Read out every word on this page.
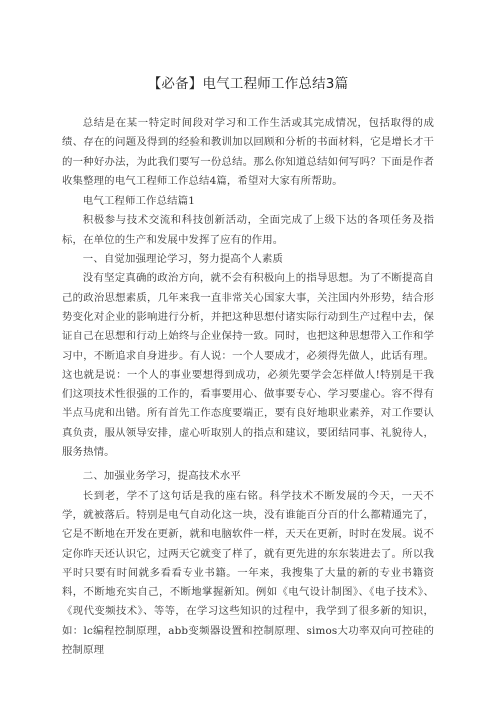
【必备】电气工程师工作总结3篇

总结是在某一特定时间段对学习和工作生活或其完成情况，包括取得的成绩、存在的问题及得到的经验和教训加以回顾和分析的书面材料，它是增长才干的一种好办法，为此我们要写一份总结。那么你知道总结如何写吗？下面是作者收集整理的电气工程师工作总结4篇，希望对大家有所帮助。

电气工程师工作总结篇1

积极参与技术交流和科技创新活动，全面完成了上级下达的各项任务及指标，在单位的生产和发展中发挥了应有的作用。

一、自觉加强理论学习，努力提高个人素质

没有坚定真确的政治方向，就不会有积极向上的指导思想。为了不断提高自己的政治思想素质，几年来我一直非常关心国家大事，关注国内外形势，结合形势变化对企业的影响进行分析，并把这种思想付诸实际行动到生产过程中去，保证自己在思想和行动上始终与企业保持一致。同时，也把这种思想带入工作和学习中，不断追求自身进步。有人说：一个人要成才，必须得先做人，此话有理。这也就是说：一个人的事业要想得到成功，必须先要学会怎样做人!特别是干我们这项技术性很强的工作的，看事要用心、做事要专心、学习要虚心。容不得有半点马虎和出错。所有首先工作态度要端正，要有良好地职业素养，对工作要认真负责，服从领导安排，虚心听取别人的指点和建议，要团结同事、礼貌待人，服务热情。

二、加强业务学习，提高技术水平

长到老，学不了这句话是我的座右铭。科学技术不断发展的今天，一天不学，就被落后。特别是电气自动化这一块，没有谁能百分百的什么都精通完了，它是不断地在开发在更新，就和电脑软件一样，天天在更新，时时在发展。说不定你昨天还认识它，过两天它就变了样了，就有更先进的东东装进去了。所以我平时只要有时间就多看看专业书籍。一年来，我搜集了大量的新的专业书籍资料，不断地充实自己，不断地掌握新知。例如《电气设计制图》、《电子技术》、《现代变频技术》、等等，在学习这些知识的过程中，我学到了很多新的知识，如：lc编程控制原理，abb变频器设置和控制原理、simos大功率双向可控硅的控制原理
